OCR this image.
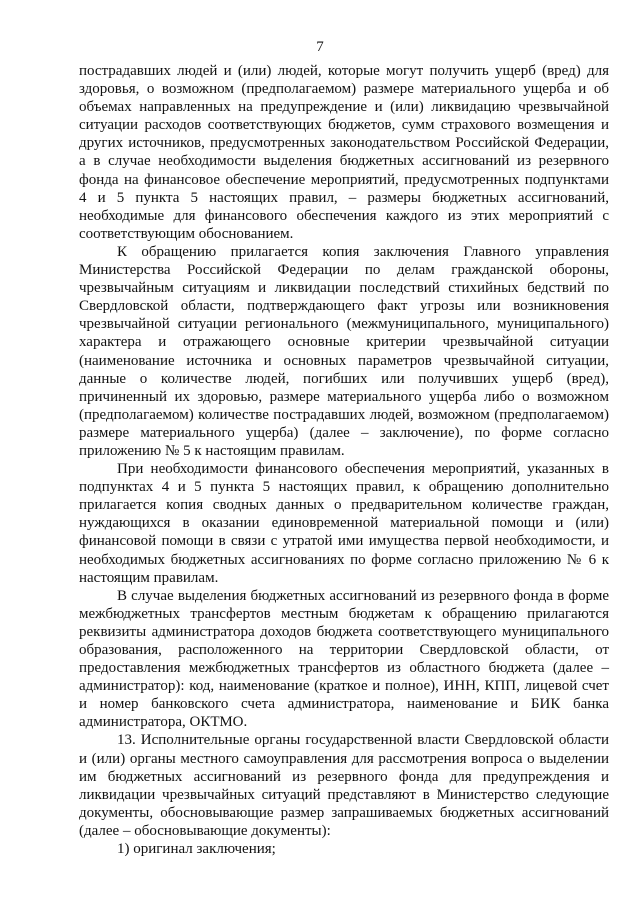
7

пострадавших людей и (или) людей, которые могут получить ущерб (вред) для здоровья, о возможном (предполагаемом) размере материального ущерба и об объемах направленных на предупреждение и (или) ликвидацию чрезвычайной ситуации расходов соответствующих бюджетов, сумм страхового возмещения и других источников, предусмотренных законодательством Российской Федерации, а в случае необходимости выделения бюджетных ассигнований из резервного фонда на финансовое обеспечение мероприятий, предусмотренных подпунктами 4 и 5 пункта 5 настоящих правил, – размеры бюджетных ассигнований, необходимые для финансового обеспечения каждого из этих мероприятий с соответствующим обоснованием.

К обращению прилагается копия заключения Главного управления Министерства Российской Федерации по делам гражданской обороны, чрезвычайным ситуациям и ликвидации последствий стихийных бедствий по Свердловской области, подтверждающего факт угрозы или возникновения чрезвычайной ситуации регионального (межмуниципального, муниципального) характера и отражающего основные критерии чрезвычайной ситуации (наименование источника и основных параметров чрезвычайной ситуации, данные о количестве людей, погибших или получивших ущерб (вред), причиненный их здоровью, размере материального ущерба либо о возможном (предполагаемом) количестве пострадавших людей, возможном (предполагаемом) размере материального ущерба) (далее – заключение), по форме согласно приложению № 5 к настоящим правилам.

При необходимости финансового обеспечения мероприятий, указанных в подпунктах 4 и 5 пункта 5 настоящих правил, к обращению дополнительно прилагается копия сводных данных о предварительном количестве граждан, нуждающихся в оказании единовременной материальной помощи и (или) финансовой помощи в связи с утратой ими имущества первой необходимости, и необходимых бюджетных ассигнованиях по форме согласно приложению № 6 к настоящим правилам.

В случае выделения бюджетных ассигнований из резервного фонда в форме межбюджетных трансфертов местным бюджетам к обращению прилагаются реквизиты администратора доходов бюджета соответствующего муниципального образования, расположенного на территории Свердловской области, от предоставления межбюджетных трансфертов из областного бюджета (далее – администратор): код, наименование (краткое и полное), ИНН, КПП, лицевой счет и номер банковского счета администратора, наименование и БИК банка администратора, ОКТМО.

13. Исполнительные органы государственной власти Свердловской области и (или) органы местного самоуправления для рассмотрения вопроса о выделении им бюджетных ассигнований из резервного фонда для предупреждения и ликвидации чрезвычайных ситуаций представляют в Министерство следующие документы, обосновывающие размер запрашиваемых бюджетных ассигнований (далее – обосновывающие документы):

1) оригинал заключения;
